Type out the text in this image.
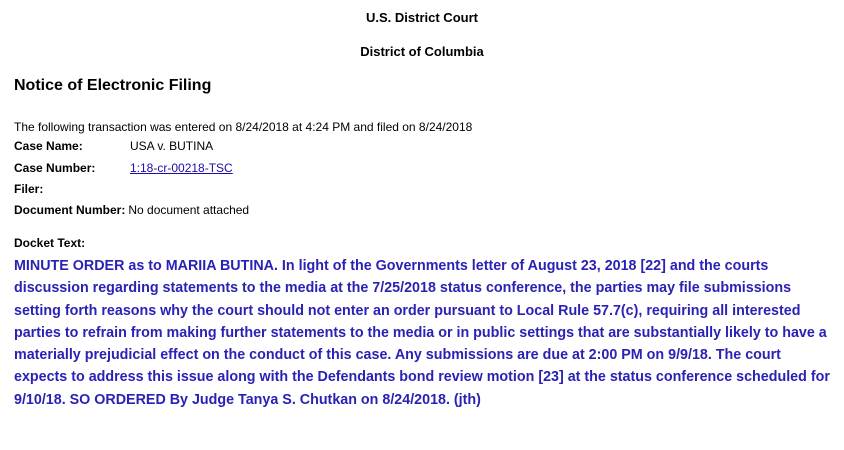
U.S. District Court
District of Columbia
Notice of Electronic Filing
The following transaction was entered on 8/24/2018 at 4:24 PM and filed on 8/24/2018
Case Name:	USA v. BUTINA
Case Number:	1:18-cr-00218-TSC
Filer:
Document Number: No document attached
Docket Text:

MINUTE ORDER as to MARIIA BUTINA. In light of the Governments letter of August 23, 2018 [22] and the courts discussion regarding statements to the media at the 7/25/2018 status conference, the parties may file submissions setting forth reasons why the court should not enter an order pursuant to Local Rule 57.7(c), requiring all interested parties to refrain from making further statements to the media or in public settings that are substantially likely to have a materially prejudicial effect on the conduct of this case. Any submissions are due at 2:00 PM on 9/9/18. The court expects to address this issue along with the Defendants bond review motion [23] at the status conference scheduled for 9/10/18. SO ORDERED By Judge Tanya S. Chutkan on 8/24/2018. (jth)
